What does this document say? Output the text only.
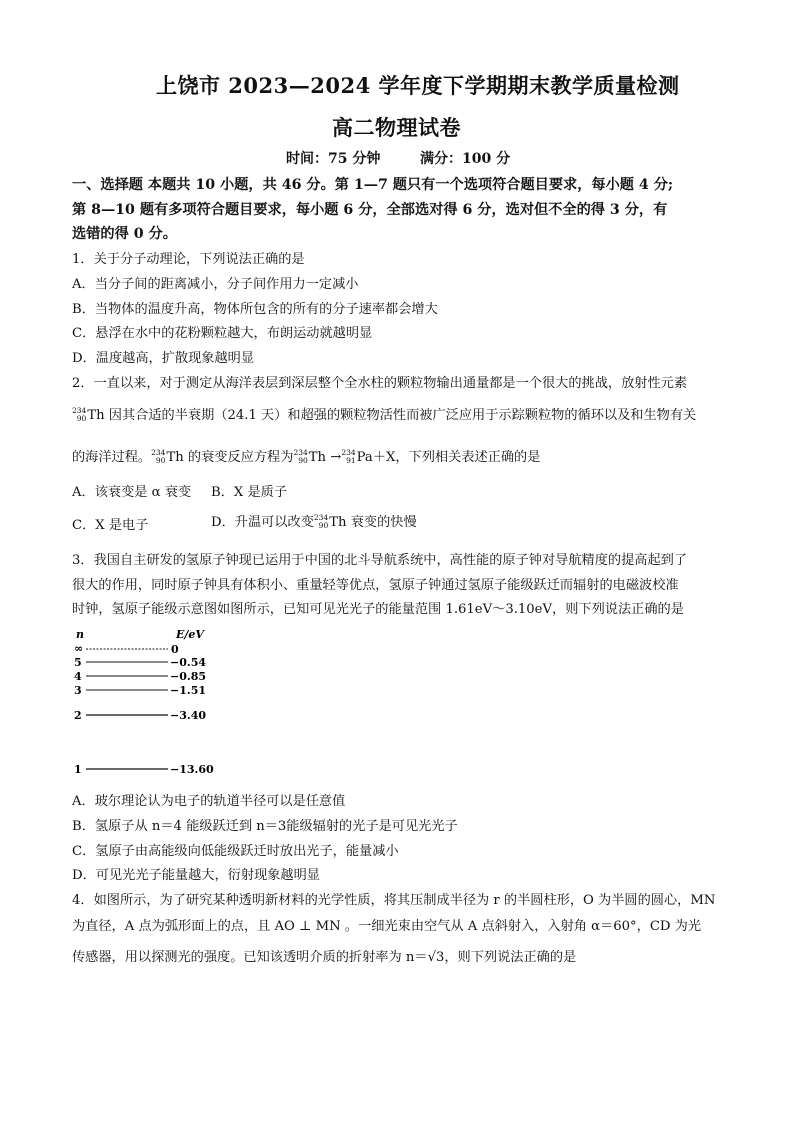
上饶市 2023—2024 学年度下学期期末教学质量检测
高二物理试卷
时间：75 分钟	满分：100 分
一、选择题 本题共 10 小题，共 46 分。第 1—7 题只有一个选项符合题目要求，每小题 4 分;
第 8—10 题有多项符合题目要求，每小题 6 分，全部选对得 6 分，选对但不全的得 3 分，有
选错的得 0 分。
1．关于分子动理论，下列说法正确的是
A．当分子间的距离减小，分子间作用力一定减小
B．当物体的温度升高，物体所包含的所有的分子速率都会增大
C．悬浮在水中的花粉颗粒越大，布朗运动就越明显
D．温度越高，扩散现象越明显
2．一直以来，对于测定从海洋表层到深层整个全水柱的颗粒物输出通量都是一个很大的挑战，放射性元素
234
90 Th 因其合适的半衰期（24.1 天）和超强的颗粒物活性而被广泛应用于示踪颗粒物的循环以及和生物有关
的海洋过程。 234
90 Th 的衰变反应方程为 234
90 Th → 234
91 Pa＋X，下列相关表述正确的是
A．该衰变是 α 衰变 B．X 是质子
C．X 是电子	D．升温可以改变 234
90 Th 衰变的快慢
3．我国自主研发的氢原子钟现已运用于中国的北斗导航系统中，高性能的原子钟对导航精度的提高起到了
很大的作用，同时原子钟具有体积小、重量轻等优点，氢原子钟通过氢原子能级跃迁而辐射的电磁波校准
时钟，氢原子能级示意图如图所示，已知可见光光子的能量范围 1.61eV～3.10eV，则下列说法正确的是
n	E/eV
∞	0
5	−0.54
4	−0.85
3	−1.51
2	−3.40
1	−13.60
A．玻尔理论认为电子的轨道半径可以是任意值
B．氢原子从 n＝4 能级跃迁到 n＝3能级辐射的光子是可见光光子
C．氢原子由高能级向低能级跃迁时放出光子，能量减小
D．可见光光子能量越大，衍射现象越明显
4．如图所示，为了研究某种透明新材料的光学性质，将其压制成半径为 r 的半圆柱形，O 为半圆的圆心，MN
为直径，A 点为弧形面上的点，且 AO ⊥ MN 。一细光束由空气从 A 点斜射入，入射角 α＝60°，CD 为光
传感器，用以探测光的强度。已知该透明介质的折射率为 n＝√3，则下列说法正确的是
